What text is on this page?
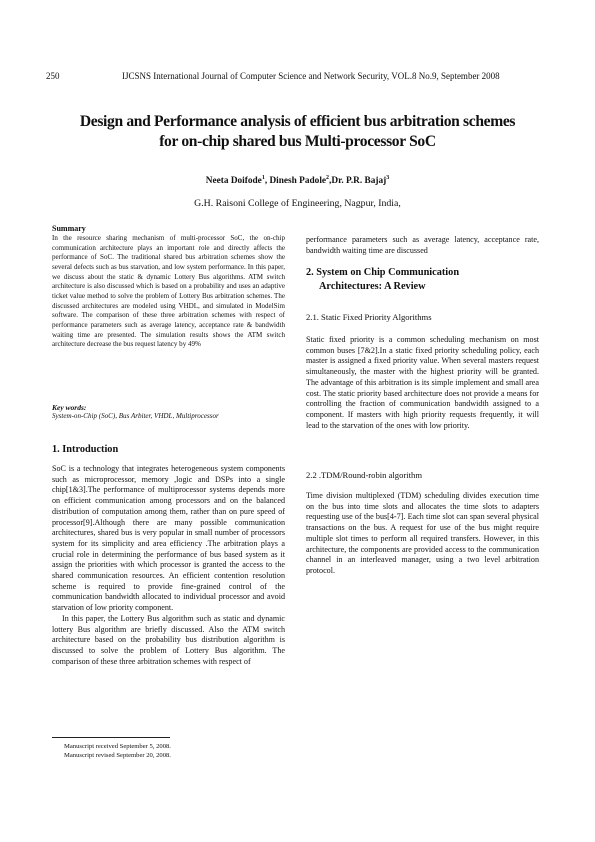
250	IJCSNS International Journal of Computer Science and Network Security, VOL.8 No.9, September 2008
Design and Performance analysis of efficient bus arbitration schemes
for on-chip shared bus Multi-processor SoC
Neeta Doifode$^1$, Dinesh Padole$^2$,Dr. P.R. Bajaj$^3$
G.H. Raisoni College of Engineering, Nagpur, India,
Summary
In the resource sharing mechanism of multi-processor SoC, the on-chip communication architecture plays an important role and directly affects the performance of SoC. The traditional shared bus arbitration schemes show the several defects such as bus starvation, and low system performance. In this paper, we discuss about the static & dynamic Lottery Bus algorithms. ATM switch architecture is also discussed which is based on a probability and uses an adaptive ticket value method to solve the problem of Lottery Bus arbitration schemes. The discussed architectures are modeled using VHDL, and simulated in ModelSim software. The comparison of these three arbitration schemes with respect of performance parameters such as average latency, acceptance rate & bandwidth waiting time are presented. The simulation results shows the ATM switch architecture decrease the bus request latency by 49%
Key words:
System-on-Chip (SoC), Bus Arbiter, VHDL, Multiprocessor
1. Introduction

SoC is a technology that integrates heterogeneous system components such as microprocessor, memory ,logic and DSPs into a single chip[1&3].The performance of multiprocessor systems depends more on efficient communication among processors and on the balanced distribution of computation among them, rather than on pure speed of processor[9].Although there are many possible communication architectures, shared bus is very popular in small number of processors system for its simplicity and area efficiency .The arbitration plays a crucial role in determining the performance of bus based system as it assign the priorities with which processor is granted the access to the shared communication resources. An efficient contention resolution scheme is required to provide fine-grained control of the communication bandwidth allocated to individual processor and avoid starvation of low priority component.

In this paper, the Lottery Bus algorithm such as static and dynamic lottery Bus algorithm are briefly discussed. Also the ATM switch architecture based on the probability bus distribution algorithm is discussed to solve the problem of Lottery Bus algorithm. The comparison of these three arbitration schemes with respect of

Manuscript received September 5, 2008.
Manuscript revised September 20, 2008.
performance parameters such as average latency, acceptance rate, bandwidth waiting time are discussed
2. System on Chip Communication
Architectures: A Review
2.1. Static Fixed Priority Algorithms
Static fixed priority is a common scheduling mechanism on most common buses [7&2].In a static fixed priority scheduling policy, each master is assigned a fixed priority value. When several masters request simultaneously, the master with the highest priority will be granted. The advantage of this arbitration is its simple implement and small area cost. The static priority based architecture does not provide a means for controlling the fraction of communication bandwidth assigned to a component. If masters with high priority requests frequently, it will lead to the starvation of the ones with low priority.
2.2 .TDM/Round-robin algorithm
Time division multiplexed (TDM) scheduling divides execution time on the bus into time slots and allocates the time slots to adapters requesting use of the bus[4-7]. Each time slot can span several physical transactions on the bus. A request for use of the bus might require multiple slot times to perform all required transfers. However, in this architecture, the components are provided access to the communication channel in an interleaved manager, using a two level arbitration protocol.
